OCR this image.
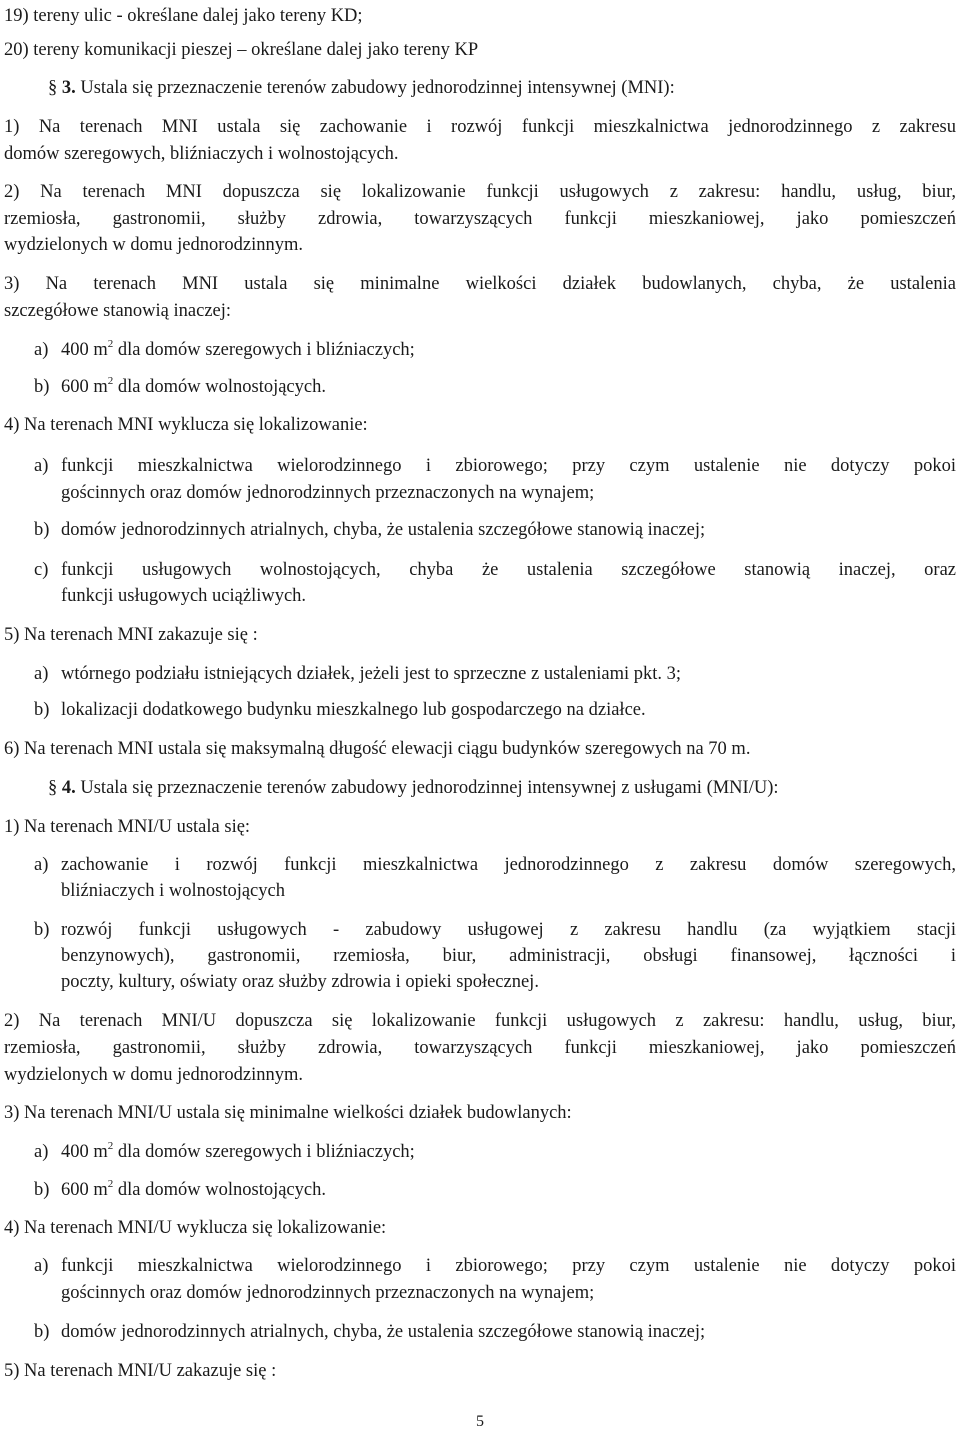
19) tereny ulic - określane dalej jako tereny KD;
20) tereny komunikacji pieszej – określane dalej jako tereny KP
§ 3. Ustala się przeznaczenie terenów zabudowy jednorodzinnej intensywnej (MNI):
1) Na terenach MNI ustala się zachowanie i rozwój funkcji mieszkalnictwa jednorodzinnego z zakresu
domów szeregowych, bliźniaczych i wolnostojących.
2) Na terenach MNI dopuszcza się lokalizowanie funkcji usługowych z zakresu: handlu, usług, biur,
rzemiosła, gastronomii, służby zdrowia, towarzyszących funkcji mieszkaniowej, jako pomieszczeń
wydzielonych w domu jednorodzinnym.
3) Na terenach MNI ustala się minimalne wielkości działek budowlanych, chyba, że ustalenia
szczegółowe stanowią inaczej:
a) 400 $m^2$ dla domów szeregowych i bliźniaczych;
b) 600 $m^2$ dla domów wolnostojących.
4) Na terenach MNI wyklucza się lokalizowanie:
a) funkcji mieszkalnictwa wielorodzinnego i zbiorowego; przy czym ustalenie nie dotyczy pokoi
gościnnych oraz domów jednorodzinnych przeznaczonych na wynajem;
b) domów jednorodzinnych atrialnych, chyba, że ustalenia szczegółowe stanowią inaczej;
c) funkcji usługowych wolnostojących, chyba że ustalenia szczegółowe stanowią inaczej, oraz
funkcji usługowych uciążliwych.
5) Na terenach MNI zakazuje się :
a) wtórnego podziału istniejących działek, jeżeli jest to sprzeczne z ustaleniami pkt. 3;
b) lokalizacji dodatkowego budynku mieszkalnego lub gospodarczego na działce.
6) Na terenach MNI ustala się maksymalną długość elewacji ciągu budynków szeregowych na 70 m.
§ 4. Ustala się przeznaczenie terenów zabudowy jednorodzinnej intensywnej z usługami (MNI/U):
1) Na terenach MNI/U ustala się:
a) zachowanie i rozwój funkcji mieszkalnictwa jednorodzinnego z zakresu domów szeregowych,
bliźniaczych i wolnostojących
b) rozwój funkcji usługowych - zabudowy usługowej z zakresu handlu (za wyjątkiem stacji
benzynowych), gastronomii, rzemiosła, biur, administracji, obsługi finansowej, łączności i
poczty, kultury, oświaty oraz służby zdrowia i opieki społecznej.
2) Na terenach MNI/U dopuszcza się lokalizowanie funkcji usługowych z zakresu: handlu, usług, biur,
rzemiosła, gastronomii, służby zdrowia, towarzyszących funkcji mieszkaniowej, jako pomieszczeń
wydzielonych w domu jednorodzinnym.
3) Na terenach MNI/U ustala się minimalne wielkości działek budowlanych:
a) 400 $m^2$ dla domów szeregowych i bliźniaczych;
b) 600 $m^2$ dla domów wolnostojących.
4) Na terenach MNI/U wyklucza się lokalizowanie:
a) funkcji mieszkalnictwa wielorodzinnego i zbiorowego; przy czym ustalenie nie dotyczy pokoi
gościnnych oraz domów jednorodzinnych przeznaczonych na wynajem;
b) domów jednorodzinnych atrialnych, chyba, że ustalenia szczegółowe stanowią inaczej;
5) Na terenach MNI/U zakazuje się :
5
